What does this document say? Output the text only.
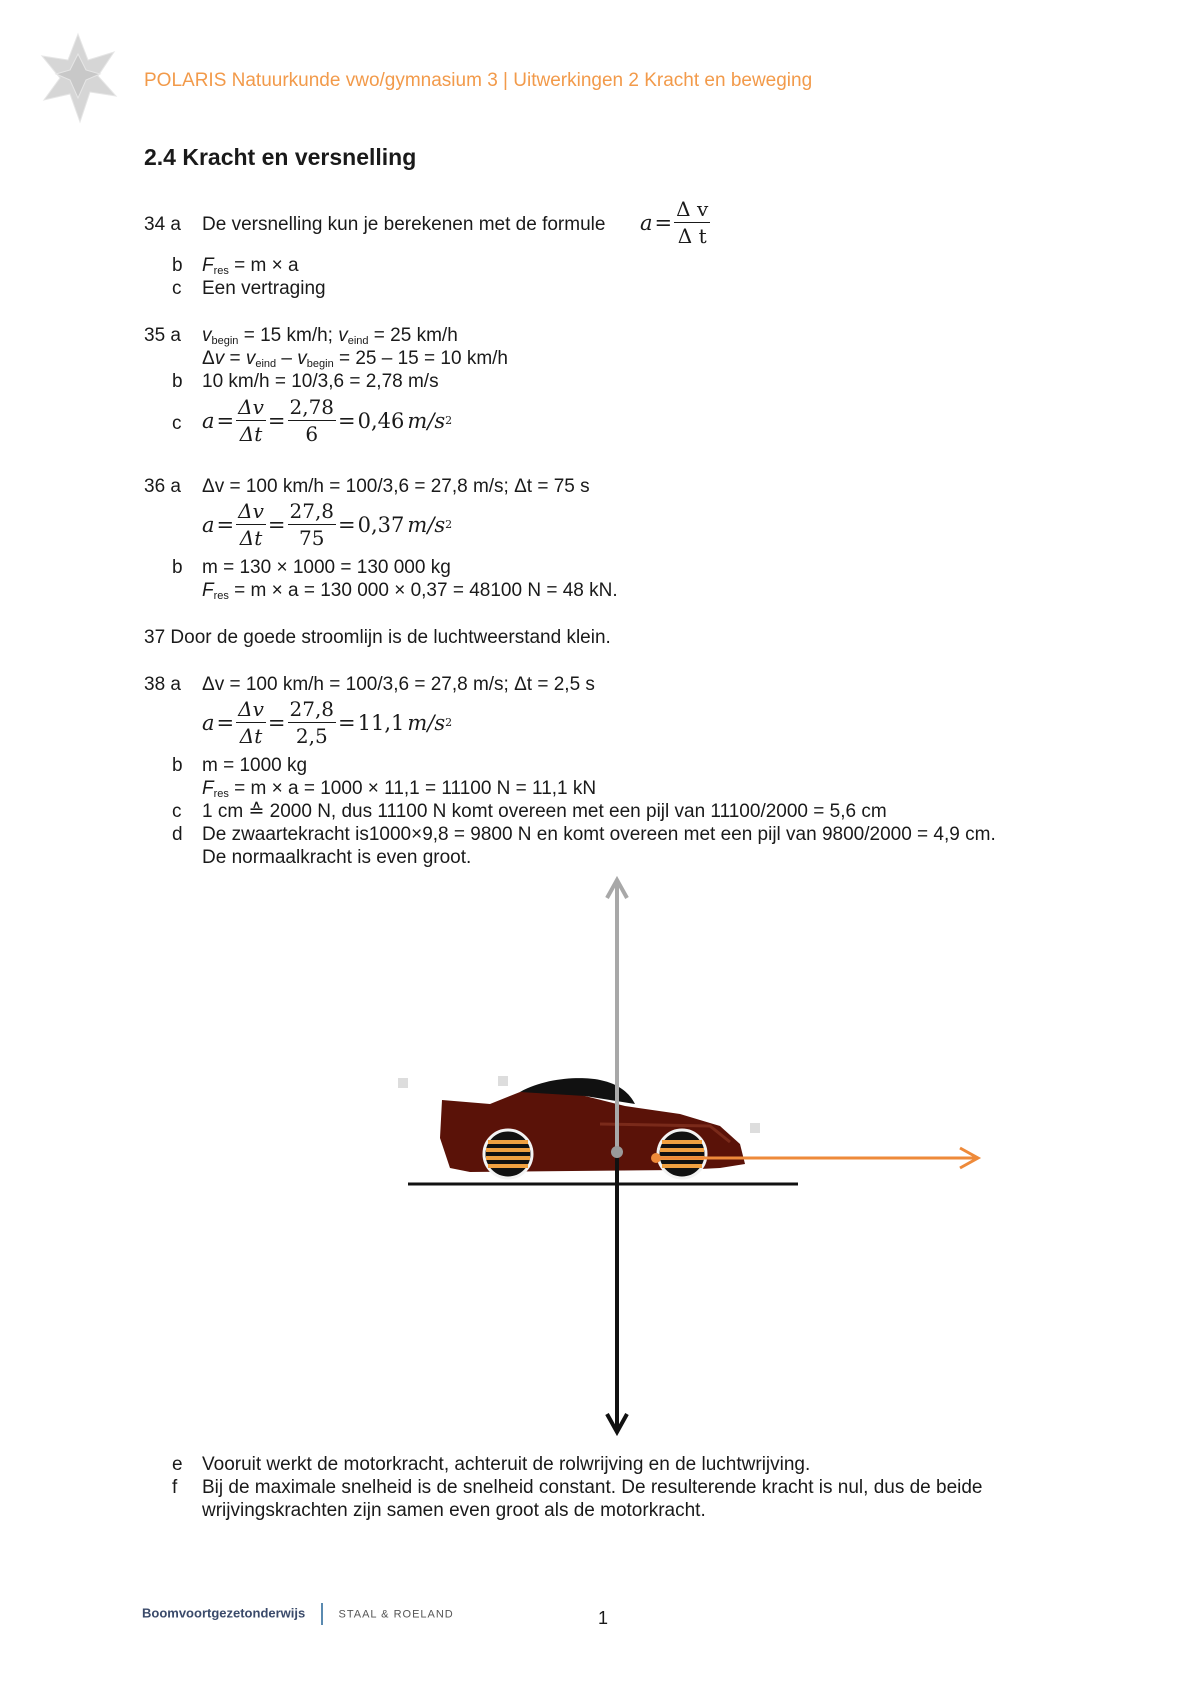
POLARIS Natuurkunde vwo/gymnasium 3 | Uitwerkingen 2 Kracht en beweging
2.4 Kracht en versnelling
34 a De versnelling kun je berekenen met de formule $a = \frac{\text{Δ v}}{\text{Δ t}}$
b $F_{res} = m \times a$
c Een vertraging
35 a $v_{begin} = 15$ km/h; $v_{eind} = 25$ km/h
$\Delta v = v_{eind} - v_{begin} = 25 - 15 = 10$ km/h
b 10 km/h = 10/3,6 = 2,78 m/s
c $a = \frac{\Delta v}{\Delta t} = \frac{2,78}{6} = 0,46$ m/s 2
36 a Δv = 100 km/h = 100/3,6 = 27,8 m/s; Δt = 75 s
$a = \frac{\Delta v}{\Delta t} = \frac{27,8}{75} = 0,37$ m/s 2
b m = 130 × 1000 = 130 000 kg
$F_{res} = m \times a = 130$ 000 × 0,37 = 48100 N = 48 kN.
37 Door de goede stroomlijn is de luchtweerstand klein.
38 a Δv = 100 km/h = 100/3,6 = 27,8 m/s; Δt = 2,5 s
$a = \frac{\Delta v}{\Delta t} = \frac{27,8}{2,5} = 11,1$ m/s 2
b m = 1000 kg
$F_{res} = m \times a = 1000 \times 11,1 = 11100$ N = 11,1 kN
c 1 cm ≙ 2000 N, dus 11100 N komt overeen met een pijl van 11100/2000 = 5,6 cm
d De zwaartekracht is1000×9,8 = 9800 N en komt overeen met een pijl van 9800/2000 = 4,9 cm.
De normaalkracht is even groot.
e Vooruit werkt de motorkracht, achteruit de rolwrijving en de luchtwrijving.
f Bij de maximale snelheid is de snelheid constant. De resulterende kracht is nul, dus de beide
wrijvingskrachten zijn samen even groot als de motorkracht.
Boomvoortgezetonderwijs	STAAL & ROELAND	1
